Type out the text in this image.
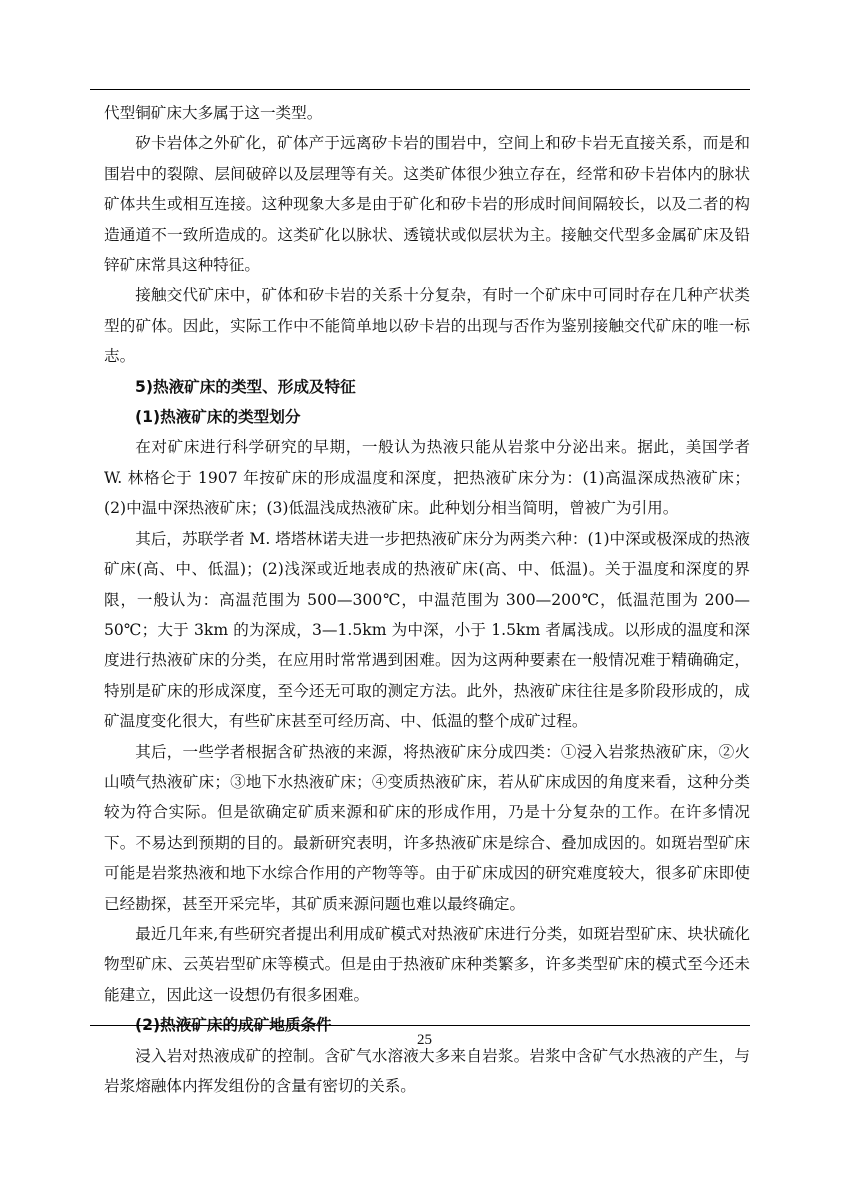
代型铜矿床大多属于这一类型。

矽卡岩体之外矿化，矿体产于远离矽卡岩的围岩中，空间上和矽卡岩无直接关系，而是和围岩中的裂隙、层间破碎以及层理等有关。这类矿体很少独立存在，经常和矽卡岩体内的脉状矿体共生或相互连接。这种现象大多是由于矿化和矽卡岩的形成时间间隔较长，以及二者的构造通道不一致所造成的。这类矿化以脉状、透镜状或似层状为主。接触交代型多金属矿床及铅锌矿床常具这种特征。

接触交代矿床中，矿体和矽卡岩的关系十分复杂，有时一个矿床中可同时存在几种产状类型的矿体。因此，实际工作中不能简单地以矽卡岩的出现与否作为鉴别接触交代矿床的唯一标志。

5)热液矿床的类型、形成及特征

(1)热液矿床的类型划分

在对矿床进行科学研究的早期，一般认为热液只能从岩浆中分泌出来。据此，美国学者 W. 林格仑于 1907 年按矿床的形成温度和深度，把热液矿床分为：(1)高温深成热液矿床；(2)中温中深热液矿床；(3)低温浅成热液矿床。此种划分相当简明，曾被广为引用。

其后，苏联学者 M. 塔塔林诺夫进一步把热液矿床分为两类六种：(1)中深或极深成的热液矿床(高、中、低温)；(2)浅深或近地表成的热液矿床(高、中、低温)。关于温度和深度的界限，一般认为：高温范围为 500—300℃，中温范围为 300—200℃，低温范围为 200—50℃；大于 3km 的为深成，3—1.5km 为中深，小于 1.5km 者属浅成。以形成的温度和深度进行热液矿床的分类，在应用时常常遇到困难。因为这两种要素在一般情况难于精确确定，特别是矿床的形成深度，至今还无可取的测定方法。此外，热液矿床往往是多阶段形成的，成矿温度变化很大，有些矿床甚至可经历高、中、低温的整个成矿过程。

其后，一些学者根据含矿热液的来源，将热液矿床分成四类：①浸入岩浆热液矿床，②火山喷气热液矿床；③地下水热液矿床；④变质热液矿床，若从矿床成因的角度来看，这种分类较为符合实际。但是欲确定矿质来源和矿床的形成作用，乃是十分复杂的工作。在许多情况下。不易达到预期的目的。最新研究表明，许多热液矿床是综合、叠加成因的。如斑岩型矿床可能是岩浆热液和地下水综合作用的产物等等。由于矿床成因的研究难度较大，很多矿床即使已经勘探，甚至开采完毕，其矿质来源问题也难以最终确定。

最近几年来,有些研究者提出利用成矿模式对热液矿床进行分类，如斑岩型矿床、块状硫化物型矿床、云英岩型矿床等模式。但是由于热液矿床种类繁多，许多类型矿床的模式至今还未能建立，因此这一设想仍有很多困难。

(2)热液矿床的成矿地质条件

浸入岩对热液成矿的控制。含矿气水溶液大多来自岩浆。岩浆中含矿气水热液的产生，与岩浆熔融体内挥发组份的含量有密切的关系。

25
